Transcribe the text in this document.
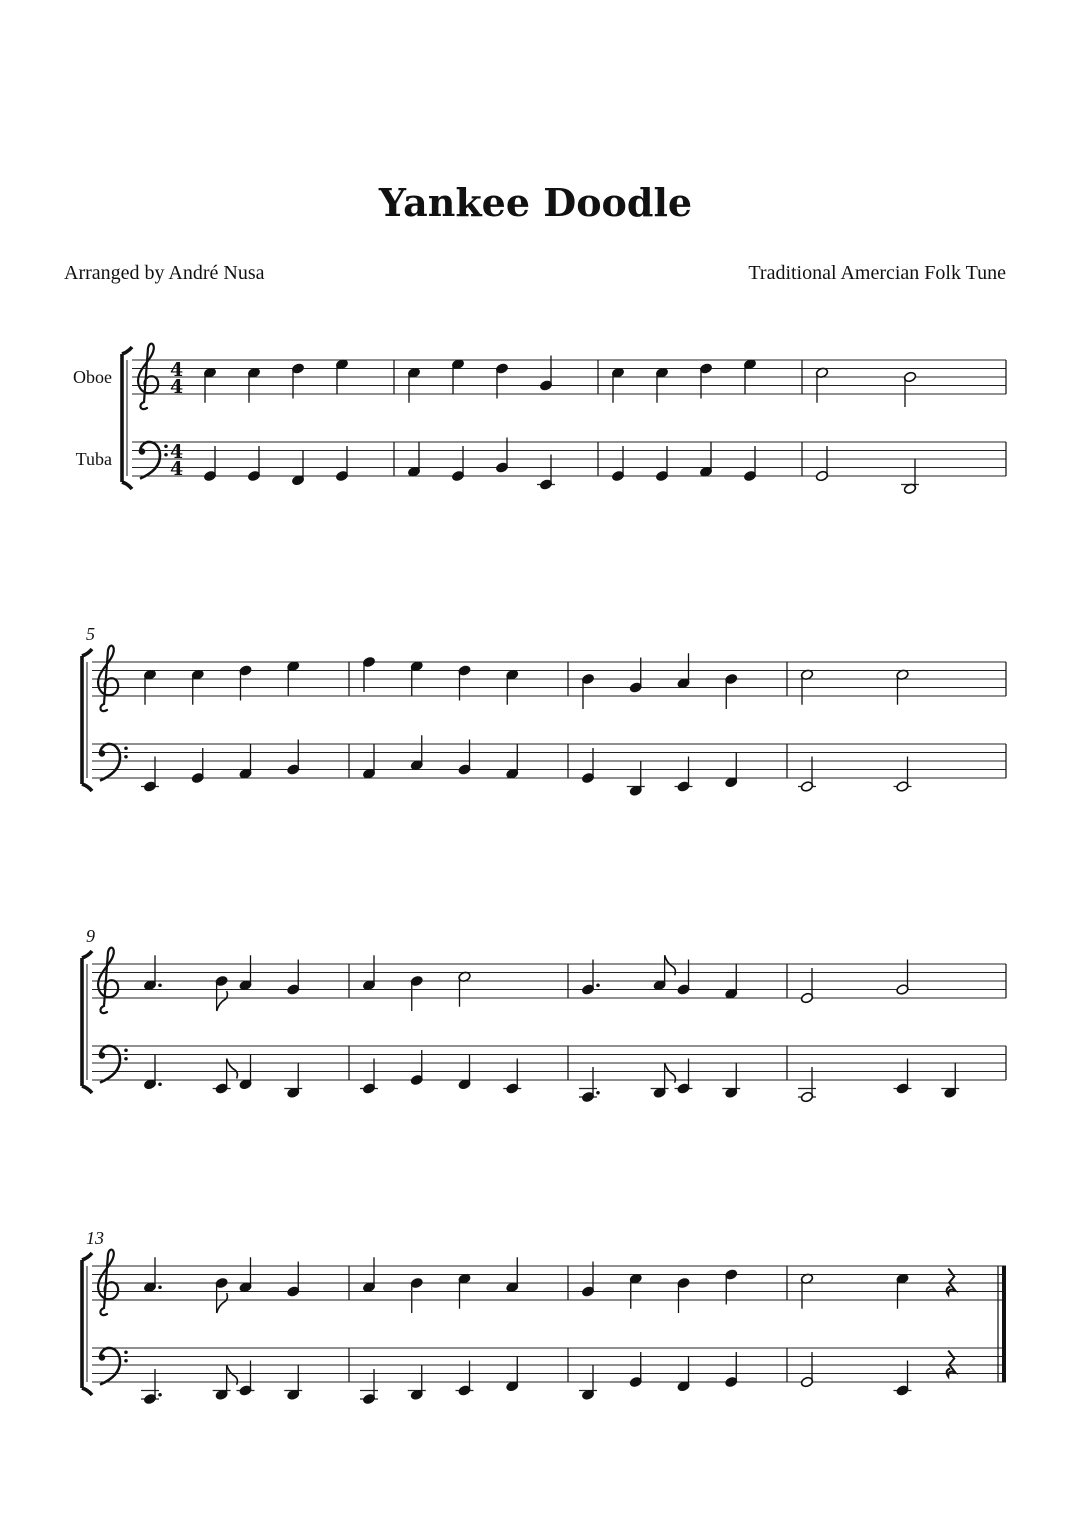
Yankee Doodle
Arranged by André Nusa	Traditional Amercian Folk Tune
4
4
4
4
Oboe
Tuba
5
9
13
